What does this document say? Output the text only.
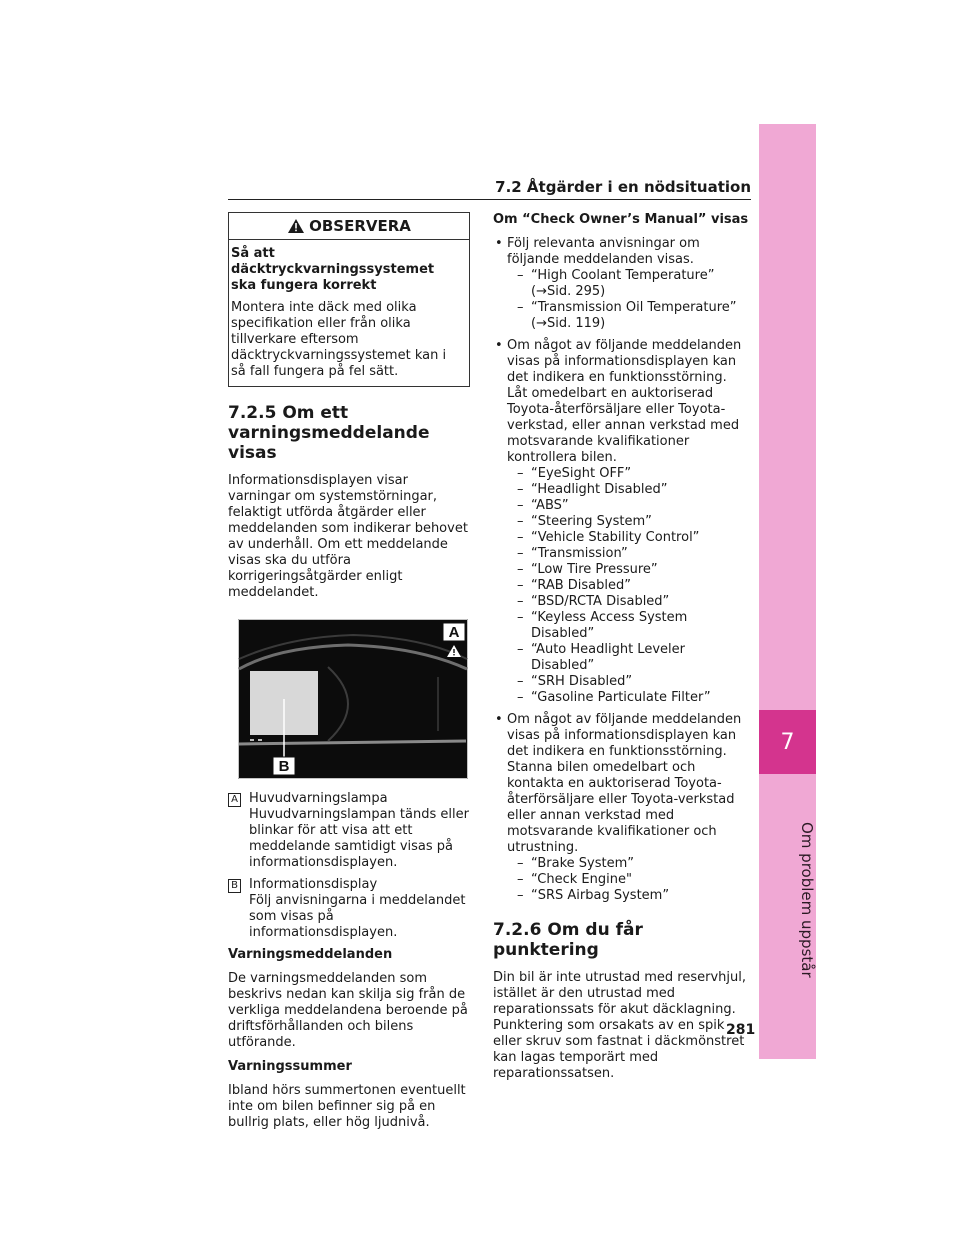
7
Om problem uppstår
7.2 Åtgärder i en nödsituation
OBSERVERA
Så att däcktryckvarningssystemet ska fungera korrekt
Montera inte däck med olika specifikation eller från olika tillverkare eftersom däcktryckvarningssystemet kan i så fall fungera på fel sätt.
7.2.5 Om ett varningsmeddelande visas

Informationsdisplayen visar varningar om systemstörningar, felaktigt utförda åtgärder eller meddelanden som indikerar behovet av underhåll. Om ett meddelande visas ska du utföra korrigeringsåtgärder enligt meddelandet.

A
B
A Huvudvarningslampa
Huvudvarningslampan tänds eller blinkar för att visa att ett meddelande samtidigt visas på informationsdisplayen.
B Informationsdisplay
Följ anvisningarna i meddelandet som visas på informationsdisplayen.
Varningsmeddelanden

De varningsmeddelanden som beskrivs nedan kan skilja sig från de verkliga meddelandena beroende på driftsförhållanden och bilens utförande.

Varningssummer

Ibland hörs summertonen eventuellt inte om bilen befinner sig på en bullrig plats, eller hög ljudnivå.

Om “Check Owner’s Manual” visas
• Följ relevanta anvisningar om följande meddelanden visas.
– “High Coolant Temperature” (→Sid. 295)
– “Transmission Oil Temperature” (→Sid. 119)
• Om något av följande meddelanden visas på informationsdisplayen kan det indikera en funktionsstörning. Låt omedelbart en auktoriserad Toyota-återförsäljare eller Toyota-verkstad, eller annan verkstad med motsvarande kvalifikationer kontrollera bilen.
– “EyeSight OFF”
– “Headlight Disabled”
– “ABS”
– “Steering System”
– “Vehicle Stability Control”
– “Transmission”
– “Low Tire Pressure”
– “RAB Disabled”
– “BSD/RCTA Disabled”
– “Keyless Access System Disabled”
– “Auto Headlight Leveler Disabled”
– “SRH Disabled”
– “Gasoline Particulate Filter”
• Om något av följande meddelanden visas på informationsdisplayen kan det indikera en funktionsstörning. Stanna bilen omedelbart och kontakta en auktoriserad Toyota-återförsäljare eller Toyota-verkstad eller annan verkstad med motsvarande kvalifikationer och utrustning.
– “Brake System”
– “Check Engine"
– “SRS Airbag System”
7.2.6 Om du får punktering

Din bil är inte utrustad med reservhjul, istället är den utrustad med reparationssats för akut däcklagning. Punktering som orsakats av en spik eller skruv som fastnat i däckmönstret kan lagas temporärt med reparationssatsen.

281
